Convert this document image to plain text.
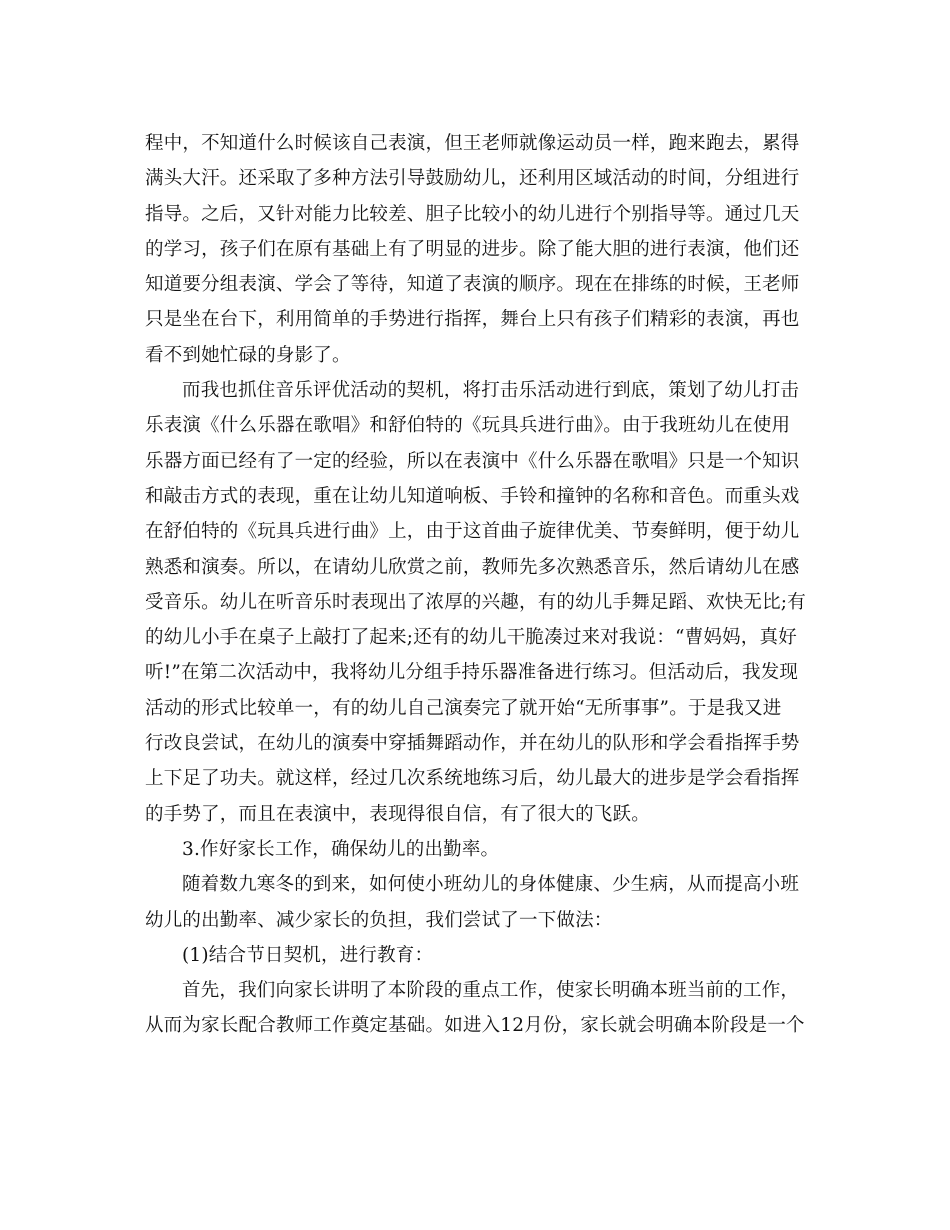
程中，不知道什么时候该自己表演，但王老师就像运动员一样，跑来跑去，累得
满头大汗。还采取了多种方法引导鼓励幼儿，还利用区域活动的时间，分组进行
指导。之后，又针对能力比较差、胆子比较小的幼儿进行个别指导等。通过几天
的学习，孩子们在原有基础上有了明显的进步。除了能大胆的进行表演，他们还
知道要分组表演、学会了等待，知道了表演的顺序。现在在排练的时候，王老师
只是坐在台下，利用简单的手势进行指挥，舞台上只有孩子们精彩的表演，再也
看不到她忙碌的身影了。
而我也抓住音乐评优活动的契机，将打击乐活动进行到底，策划了幼儿打击
乐表演《什么乐器在歌唱》和舒伯特的《玩具兵进行曲》。由于我班幼儿在使用
乐器方面已经有了一定的经验，所以在表演中《什么乐器在歌唱》只是一个知识
和敲击方式的表现，重在让幼儿知道响板、手铃和撞钟的名称和音色。而重头戏
在舒伯特的《玩具兵进行曲》上，由于这首曲子旋律优美、节奏鲜明，便于幼儿
熟悉和演奏。所以，在请幼儿欣赏之前，教师先多次熟悉音乐，然后请幼儿在感
受音乐。幼儿在听音乐时表现出了浓厚的兴趣，有的幼儿手舞足蹈、欢快无比;有
的幼儿小手在桌子上敲打了起来;还有的幼儿干脆凑过来对我说：“曹妈妈，真好
听!”在第二次活动中，我将幼儿分组手持乐器准备进行练习。但活动后，我发现
活动的形式比较单一，有的幼儿自己演奏完了就开始“无所事事”。于是我又进
行改良尝试，在幼儿的演奏中穿插舞蹈动作，并在幼儿的队形和学会看指挥手势
上下足了功夫。就这样，经过几次系统地练习后，幼儿最大的进步是学会看指挥
的手势了，而且在表演中，表现得很自信，有了很大的飞跃。
3.作好家长工作，确保幼儿的出勤率。
随着数九寒冬的到来，如何使小班幼儿的身体健康、少生病，从而提高小班
幼儿的出勤率、减少家长的负担，我们尝试了一下做法：
(1)结合节日契机，进行教育：
首先，我们向家长讲明了本阶段的重点工作，使家长明确本班当前的工作，
从而为家长配合教师工作奠定基础。如进入12月份，家长就会明确本阶段是一个
